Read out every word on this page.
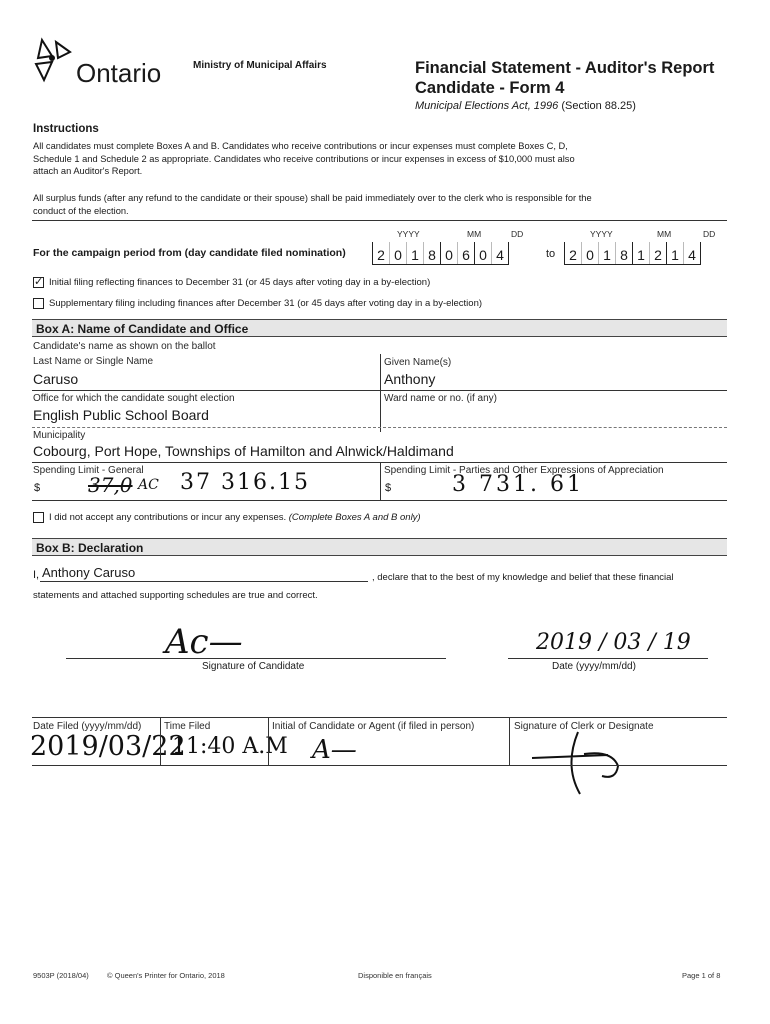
Ontario	Ministry of Municipal Affairs	Financial Statement - Auditor's Report
Candidate - Form 4
Municipal Elections Act, 1996 (Section 88.25)
Instructions
All candidates must complete Boxes A and B. Candidates who receive contributions or incur expenses must complete Boxes C, D,
Schedule 1 and Schedule 2 as appropriate. Candidates who receive contributions or incur expenses in excess of $10,000 must also
attach an Auditor's Report.
All surplus funds (after any refund to the candidate or their spouse) shall be paid immediately over to the clerk who is responsible for the
conduct of the election.
YYYY	MM	DD	YYYY	MM	DD
For the campaign period from (day candidate filed nomination) 2 0 1 8 0 6 0 4	to 2 0 1 8 1 2 1 4
✓ Initial filing reflecting finances to December 31 (or 45 days after voting day in a by-election)
Supplementary filing including finances after December 31 (or 45 days after voting day in a by-election)
Box A: Name of Candidate and Office
Candidate's name as shown on the ballot
Last Name or Single Name
Caruso
Given Name(s)
Anthony
Office for which the candidate sought election
English Public School Board
Ward name or no. (if any)
Municipality
Cobourg, Port Hope, Townships of Hamilton and Alnwick/Haldimand
Spending Limit - General
$ 37,0 AC 37 316.15	Spending Limit - Parties and Other Expressions of Appreciation
$	3 731. 61
I did not accept any contributions or incur any expenses. (Complete Boxes A and B only)
Box B: Declaration
I, Anthony Caruso	, declare that to the best of my knowledge and belief that these financial
statements and attached supporting schedules are true and correct.
Ac—
Signature of Candidate
2019 / 03 / 19
Date (yyyy/mm/dd)
Date Filed (yyyy/mm/dd)
2019/03/22
Time Filed
11:40 A.M
Initial of Candidate or Agent (if filed in person)
A—
Signature of Clerk or Designate
9503P (2018/04) © Queen's Printer for Ontario, 2018	Disponible en français	Page 1 of 8
